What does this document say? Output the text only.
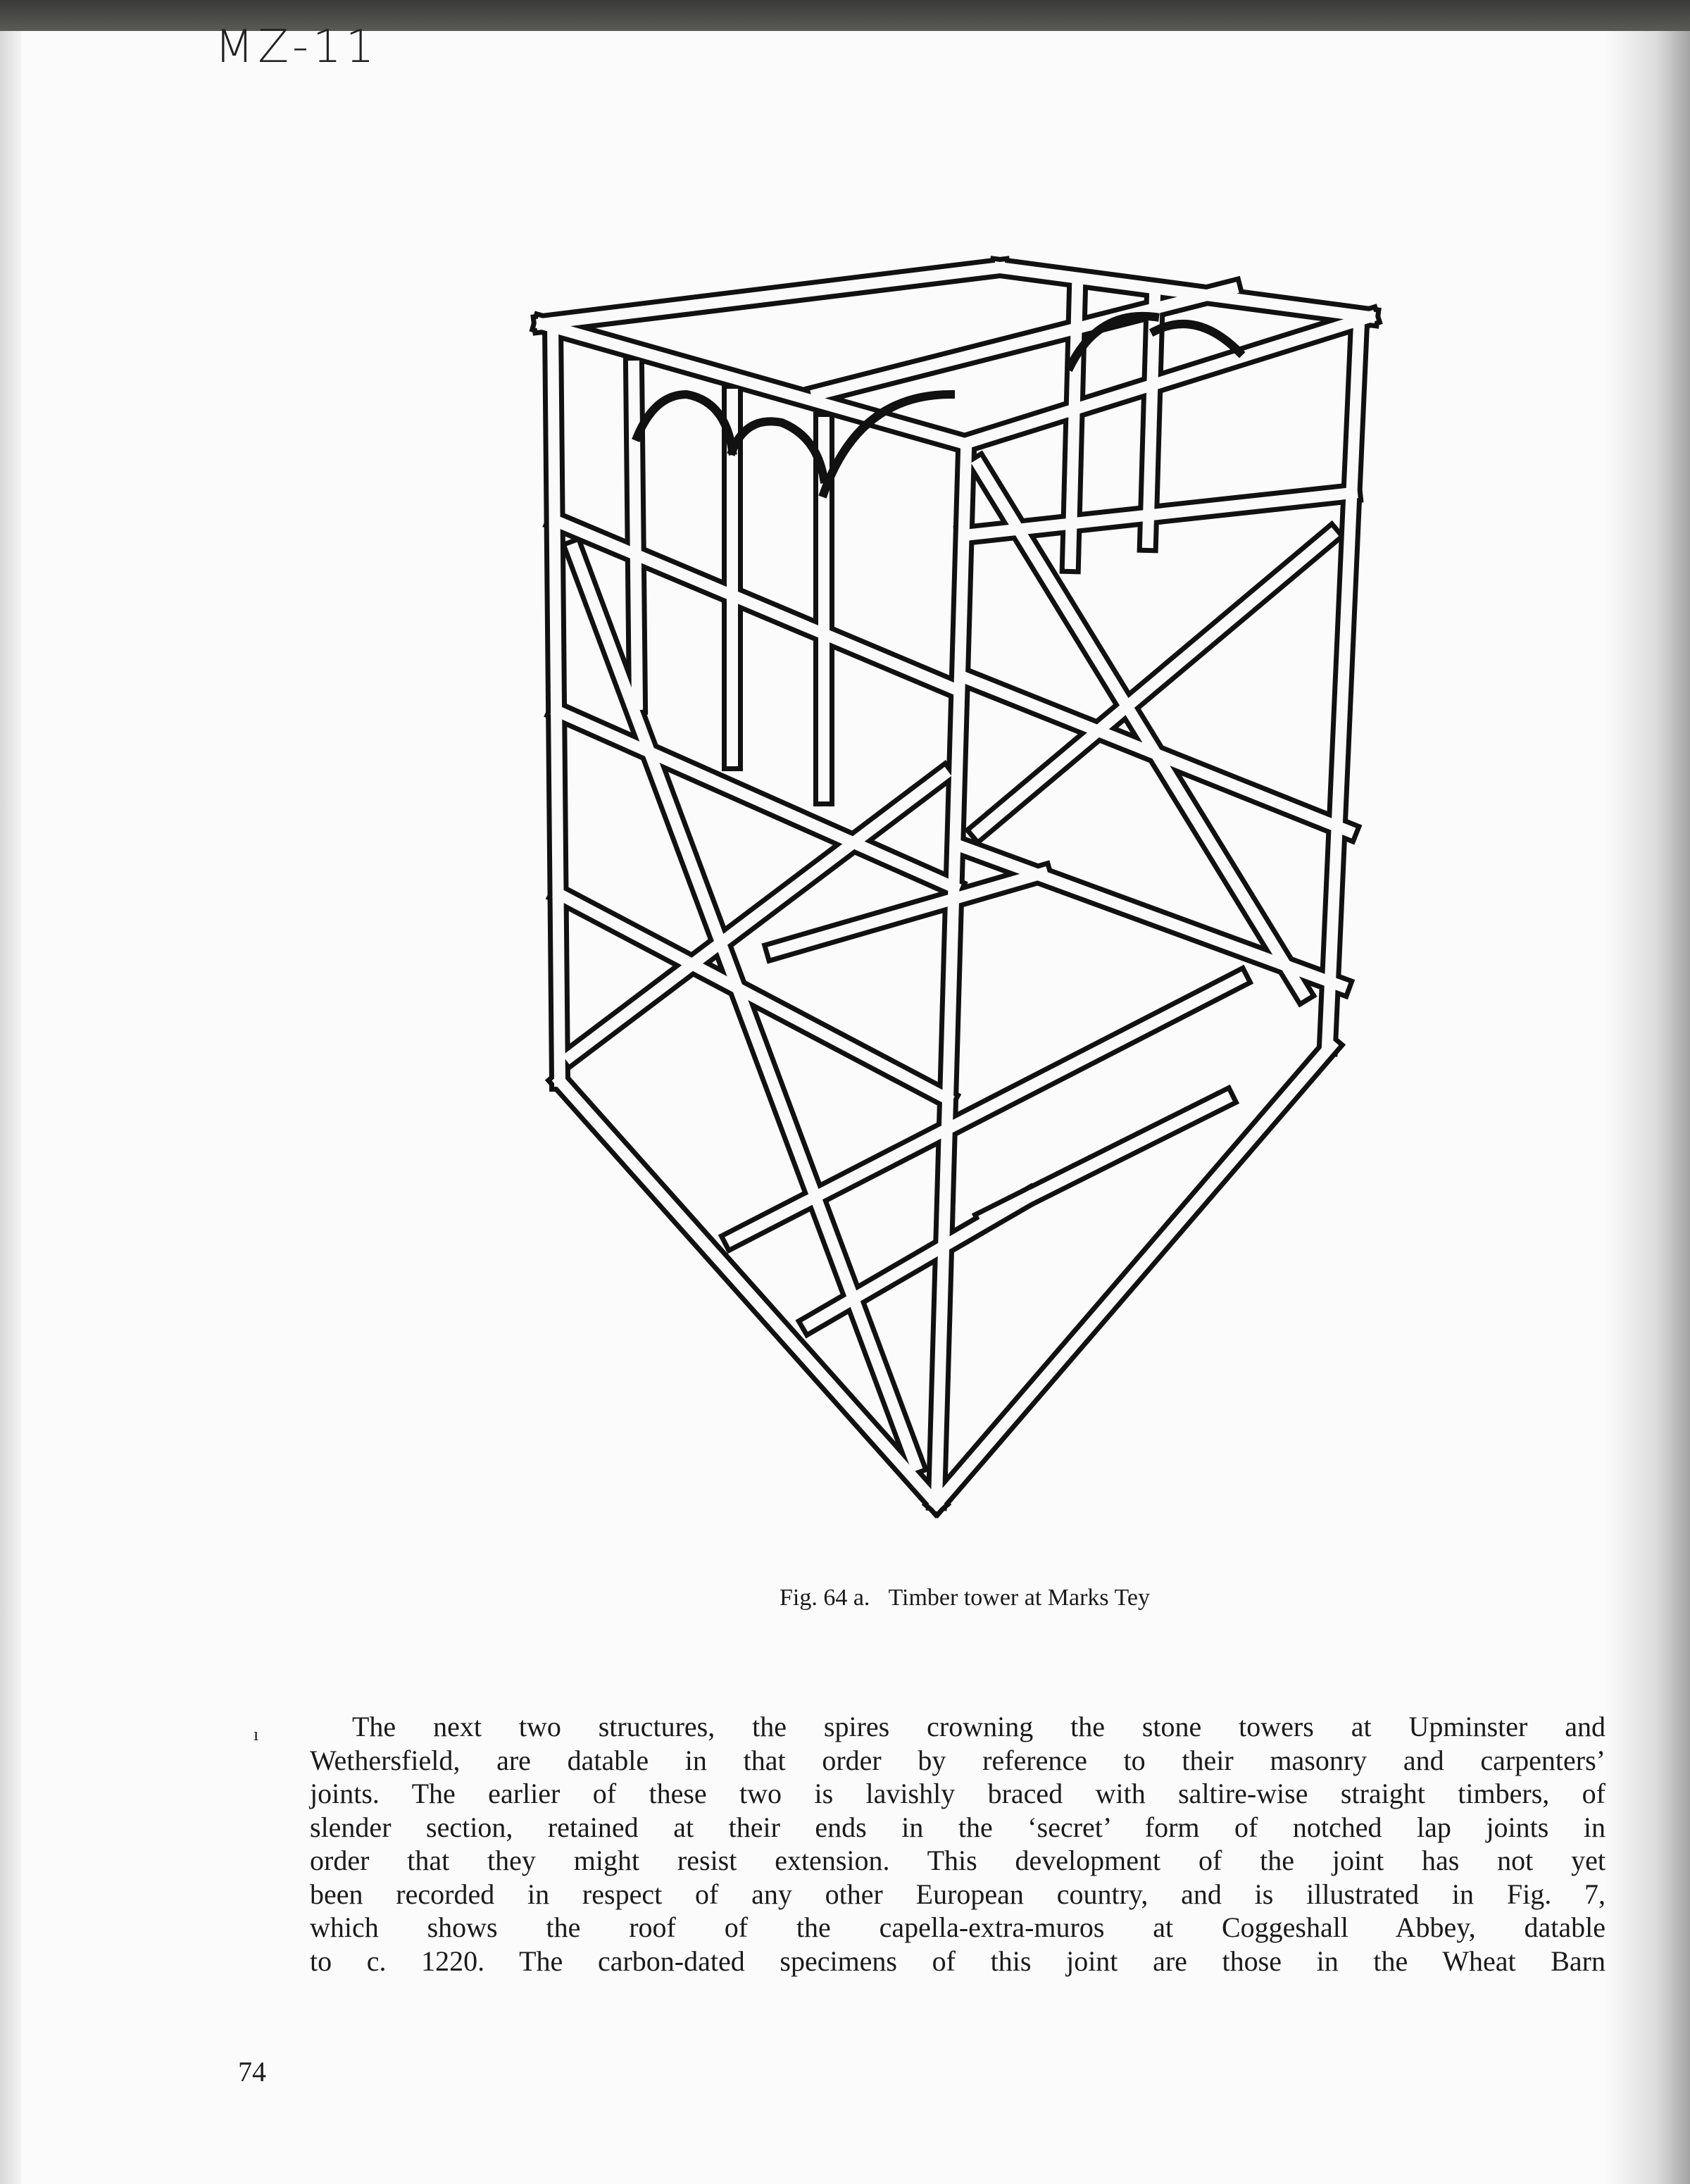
MZ-11
Fig. 64 a. Timber tower at Marks Tey
ı	The next two structures, the spires crowning the stone towers at Upminster and
Wethersfield, are datable in that order by reference to their masonry and carpenters’
joints. The earlier of these two is lavishly braced with saltire-wise straight timbers, of
slender section, retained at their ends in the ‘secret’ form of notched lap joints in
order that they might resist extension. This development of the joint has not yet
been recorded in respect of any other European country, and is illustrated in Fig. 7,
which shows the roof of the capella-extra-muros at Coggeshall Abbey, datable
to c. 1220. The carbon-dated specimens of this joint are those in the Wheat Barn
74
